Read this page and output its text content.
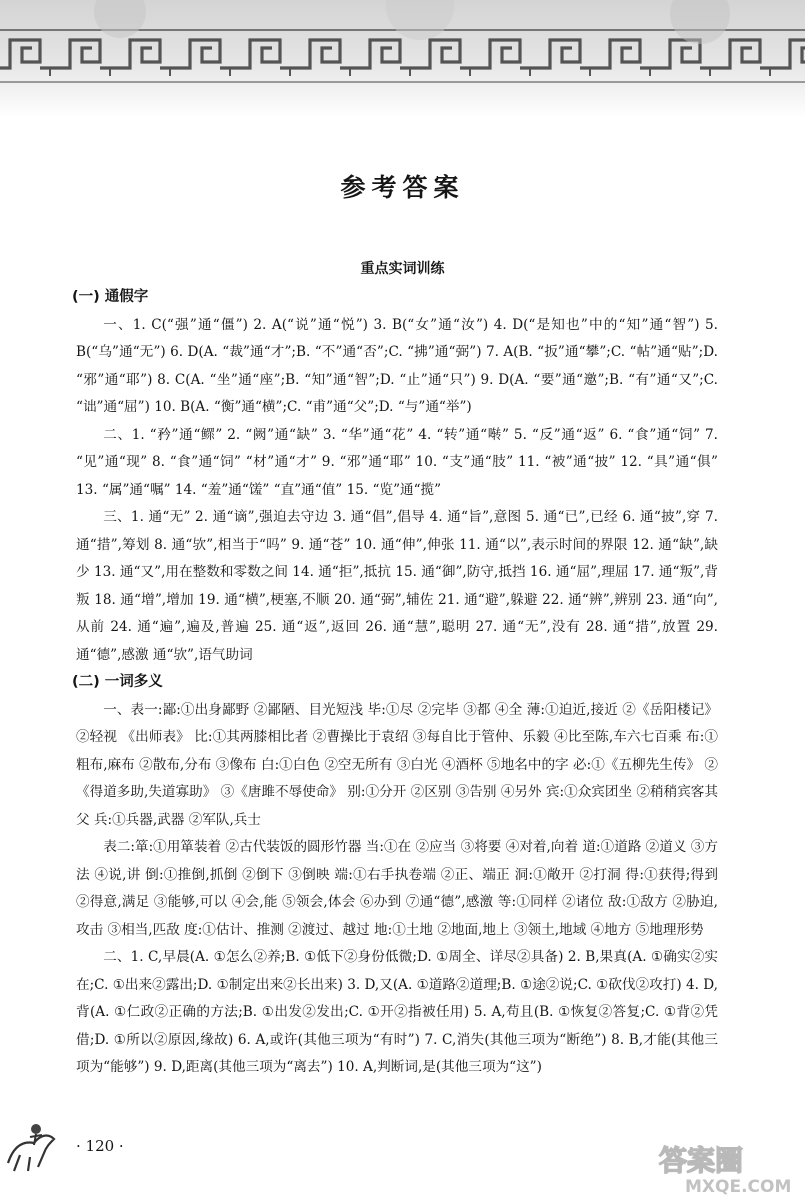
参考答案
重点实词训练
(一) 通假字

一、1. C(“强”通“僵”) 2. A(“说”通“悦”) 3. B(“女”通“汝”) 4. D(“是知也”中的“知”通“智”) 5. B(“乌”通“无”) 6. D(A. “裁”通“才”;B. “不”通“否”;C. “拂”通“弼”) 7. A(B. “扳”通“攀”;C. “帖”通“贴”;D. “邪”通“耶”) 8. C(A. “坐”通“座”;B. “知”通“智”;D. “止”通“只”) 9. D(A. “要”通“邀”;B. “有”通“又”;C. “诎”通“屈”) 10. B(A. “衡”通“横”;C. “甫”通“父”;D. “与”通“举”)

二、1. “矜”通“鳏” 2. “阙”通“缺” 3. “华”通“花” 4. “转”通“啭” 5. “反”通“返” 6. “食”通“饲” 7. “见”通“现” 8. “食”通“饲” “材”通“才” 9. “邪”通“耶” 10. “支”通“肢” 11. “被”通“披” 12. “具”通“俱” 13. “属”通“嘱” 14. “羞”通“馐” “直”通“值” 15. “览”通“揽”

三、1. 通“无” 2. 通“谪”,强迫去守边 3. 通“倡”,倡导 4. 通“旨”,意图 5. 通“已”,已经 6. 通“披”,穿 7. 通“措”,筹划 8. 通“欤”,相当于“吗” 9. 通“苍” 10. 通“伸”,伸张 11. 通“以”,表示时间的界限 12. 通“缺”,缺少 13. 通“又”,用在整数和零数之间 14. 通“拒”,抵抗 15. 通“御”,防守,抵挡 16. 通“屈”,理屈 17. 通“叛”,背叛 18. 通“增”,增加 19. 通“横”,梗塞,不顺 20. 通“弼”,辅佐 21. 通“避”,躲避 22. 通“辨”,辨别 23. 通“向”,从前 24. 通“遍”,遍及,普遍 25. 通“返”,返回 26. 通“慧”,聪明 27. 通“无”,没有 28. 通“措”,放置 29. 通“德”,感激 通“欤”,语气助词

(二) 一词多义

一、表一:鄙:①出身鄙野 ②鄙陋、目光短浅 毕:①尽 ②完毕 ③都 ④全 薄:①迫近,接近 ②《岳阳楼记》 ②轻视 《出师表》 比:①其两膝相比者 ②曹操比于袁绍 ③每自比于管仲、乐毅 ④比至陈,车六七百乘 布:①粗布,麻布 ②散布,分布 ③像布 白:①白色 ②空无所有 ③白光 ④酒杯 ⑤地名中的字 必:①《五柳先生传》 ②《得道多助,失道寡助》 ③《唐雎不辱使命》 别:①分开 ②区别 ③告别 ④另外 宾:①众宾团坐 ②稍稍宾客其父 兵:①兵器,武器 ②军队,兵士

表二:箪:①用箪装着 ②古代装饭的圆形竹器 当:①在 ②应当 ③将要 ④对着,向着 道:①道路 ②道义 ③方法 ④说,讲 倒:①推倒,抓倒 ②倒下 ③倒映 端:①右手执卷端 ②正、端正 洞:①敞开 ②打洞 得:①获得;得到 ②得意,满足 ③能够,可以 ④会,能 ⑤领会,体会 ⑥办到 ⑦通“德”,感激 等:①同样 ②诸位 敌:①敌方 ②胁迫,攻击 ③相当,匹敌 度:①估计、推测 ②渡过、越过 地:①土地 ②地面,地上 ③领土,地域 ④地方 ⑤地理形势

二、1. C,早晨(A. ①怎么②养;B. ①低下②身份低微;D. ①周全、详尽②具备) 2. B,果真(A. ①确实②实在;C. ①出来②露出;D. ①制定出来②长出来) 3. D,又(A. ①道路②道理;B. ①途②说;C. ①砍伐②攻打) 4. D,背(A. ①仁政②正确的方法;B. ①出发②发出;C. ①开②指被任用) 5. A,苟且(B. ①恢复②答复;C. ①背②凭借;D. ①所以②原因,缘故) 6. A,或许(其他三项为“有时”) 7. C,消失(其他三项为“断绝”) 8. B,才能(其他三项为“能够”) 9. D,距离(其他三项为“离去”) 10. A,判断词,是(其他三项为“这”)

· 120 ·	答案圈
MXQE.COM
